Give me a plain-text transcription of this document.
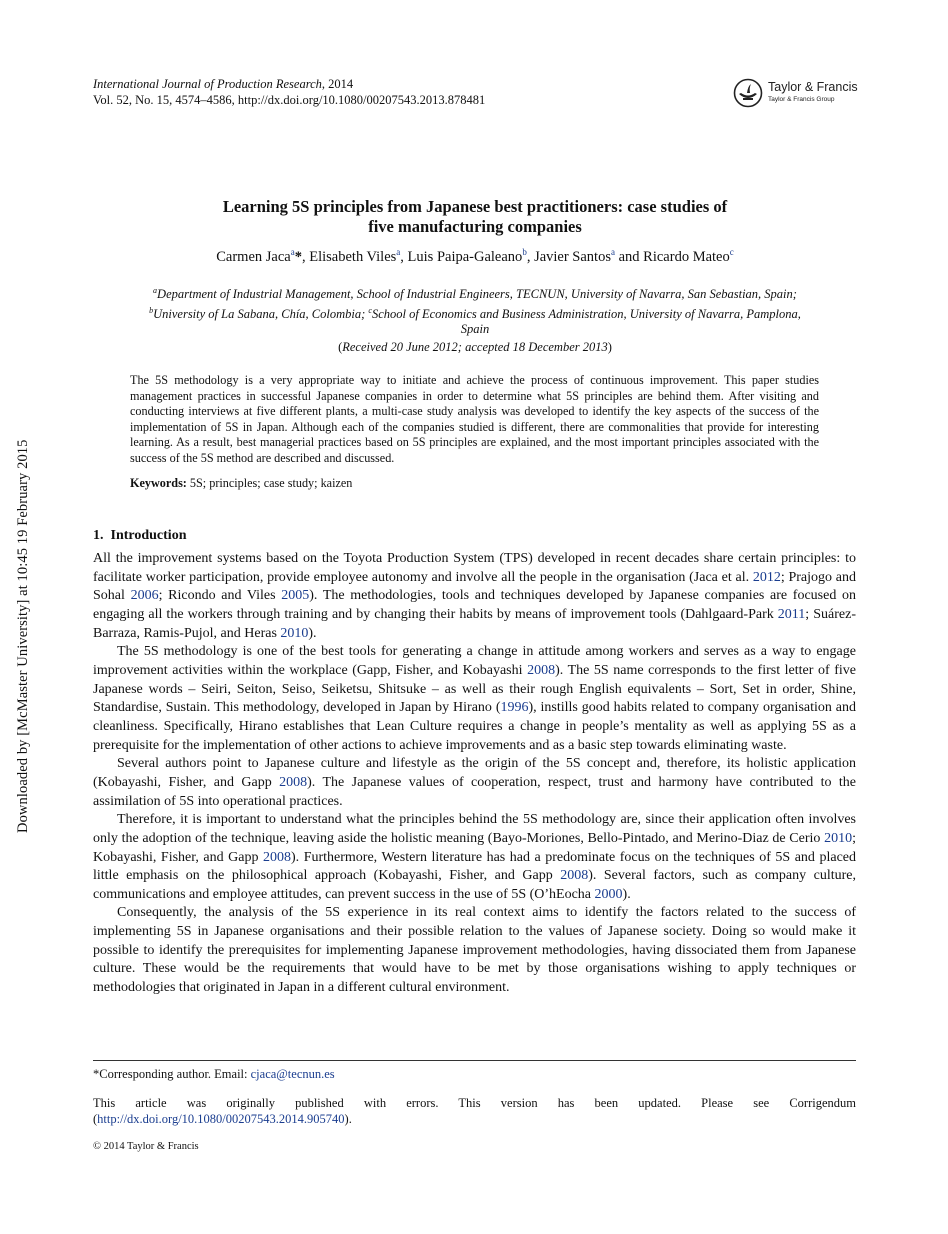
International Journal of Production Research, 2014
Vol. 52, No. 15, 4574–4586, http://dx.doi.org/10.1080/00207543.2013.878481
Taylor & Francis
Taylor & Francis Group
Downloaded by [McMaster University] at 10:45 19 February 2015
Learning 5S principles from Japanese best practitioners: case studies of
five manufacturing companies
Carmen Jaca$^a$*, Elisabeth Viles$^a$, Luis Paipa-Galeano$^b$, Javier Santos$^a$ and Ricardo Mateo$^c$
$^a$Department of Industrial Management, School of Industrial Engineers, TECNUN, University of Navarra, San Sebastian, Spain;
$^b$University of La Sabana, Chía, Colombia; $^c$School of Economics and Business Administration, University of Navarra, Pamplona,
Spain
(Received 20 June 2012; accepted 18 December 2013)
The 5S methodology is a very appropriate way to initiate and achieve the process of continuous improvement. This paper studies management practices in successful Japanese companies in order to determine what 5S principles are behind them. After visiting and conducting interviews at five different plants, a multi-case study analysis was developed to identify the key aspects of the success of the implementation of 5S in Japan. Although each of the companies studied is different, there are commonalities that provide for interesting learning. As a result, best managerial practices based on 5S principles are explained, and the most important principles associated with the success of the 5S method are described and discussed.
Keywords: 5S; principles; case study; kaizen
1. Introduction

All the improvement systems based on the Toyota Production System (TPS) developed in recent decades share certain principles: to facilitate worker participation, provide employee autonomy and involve all the people in the organisation (Jaca et al. 2012; Prajogo and Sohal 2006; Ricondo and Viles 2005). The methodologies, tools and techniques developed by Japanese companies are focused on engaging all the workers through training and by changing their habits by means of improvement tools (Dahlgaard-Park 2011; Suárez-Barraza, Ramis-Pujol, and Heras 2010).

The 5S methodology is one of the best tools for generating a change in attitude among workers and serves as a way to engage improvement activities within the workplace (Gapp, Fisher, and Kobayashi 2008). The 5S name corresponds to the first letter of five Japanese words – Seiri, Seiton, Seiso, Seiketsu, Shitsuke – as well as their rough English equivalents – Sort, Set in order, Shine, Standardise, Sustain. This methodology, developed in Japan by Hirano (1996), instills good habits related to company organisation and cleanliness. Specifically, Hirano establishes that Lean Culture requires a change in people’s mentality as well as applying 5S as a prerequisite for the implementation of other actions to achieve improvements and as a basic step towards eliminating waste.

Several authors point to Japanese culture and lifestyle as the origin of the 5S concept and, therefore, its holistic application (Kobayashi, Fisher, and Gapp 2008). The Japanese values of cooperation, respect, trust and harmony have contributed to the assimilation of 5S into operational practices.

Therefore, it is important to understand what the principles behind the 5S methodology are, since their application often involves only the adoption of the technique, leaving aside the holistic meaning (Bayo-Moriones, Bello-Pintado, and Merino-Diaz de Cerio 2010; Kobayashi, Fisher, and Gapp 2008). Furthermore, Western literature has had a predominate focus on the techniques of 5S and placed little emphasis on the philosophical approach (Kobayashi, Fisher, and Gapp 2008). Several factors, such as company culture, communications and employee attitudes, can prevent success in the use of 5S (O’hEocha 2000).

Consequently, the analysis of the 5S experience in its real context aims to identify the factors related to the success of implementing 5S in Japanese organisations and their possible relation to the values of Japanese society. Doing so would make it possible to identify the prerequisites for implementing Japanese improvement methodologies, having dissociated them from Japanese culture. These would be the requirements that would have to be met by those organisations wishing to apply techniques or methodologies that originated in Japan in a different cultural environment.

*Corresponding author. Email: cjaca@tecnun.es
This article was originally published with errors. This version has been updated. Please see Corrigendum (http://dx.doi.org/10.1080/00207543.2014.905740).
© 2014 Taylor & Francis
